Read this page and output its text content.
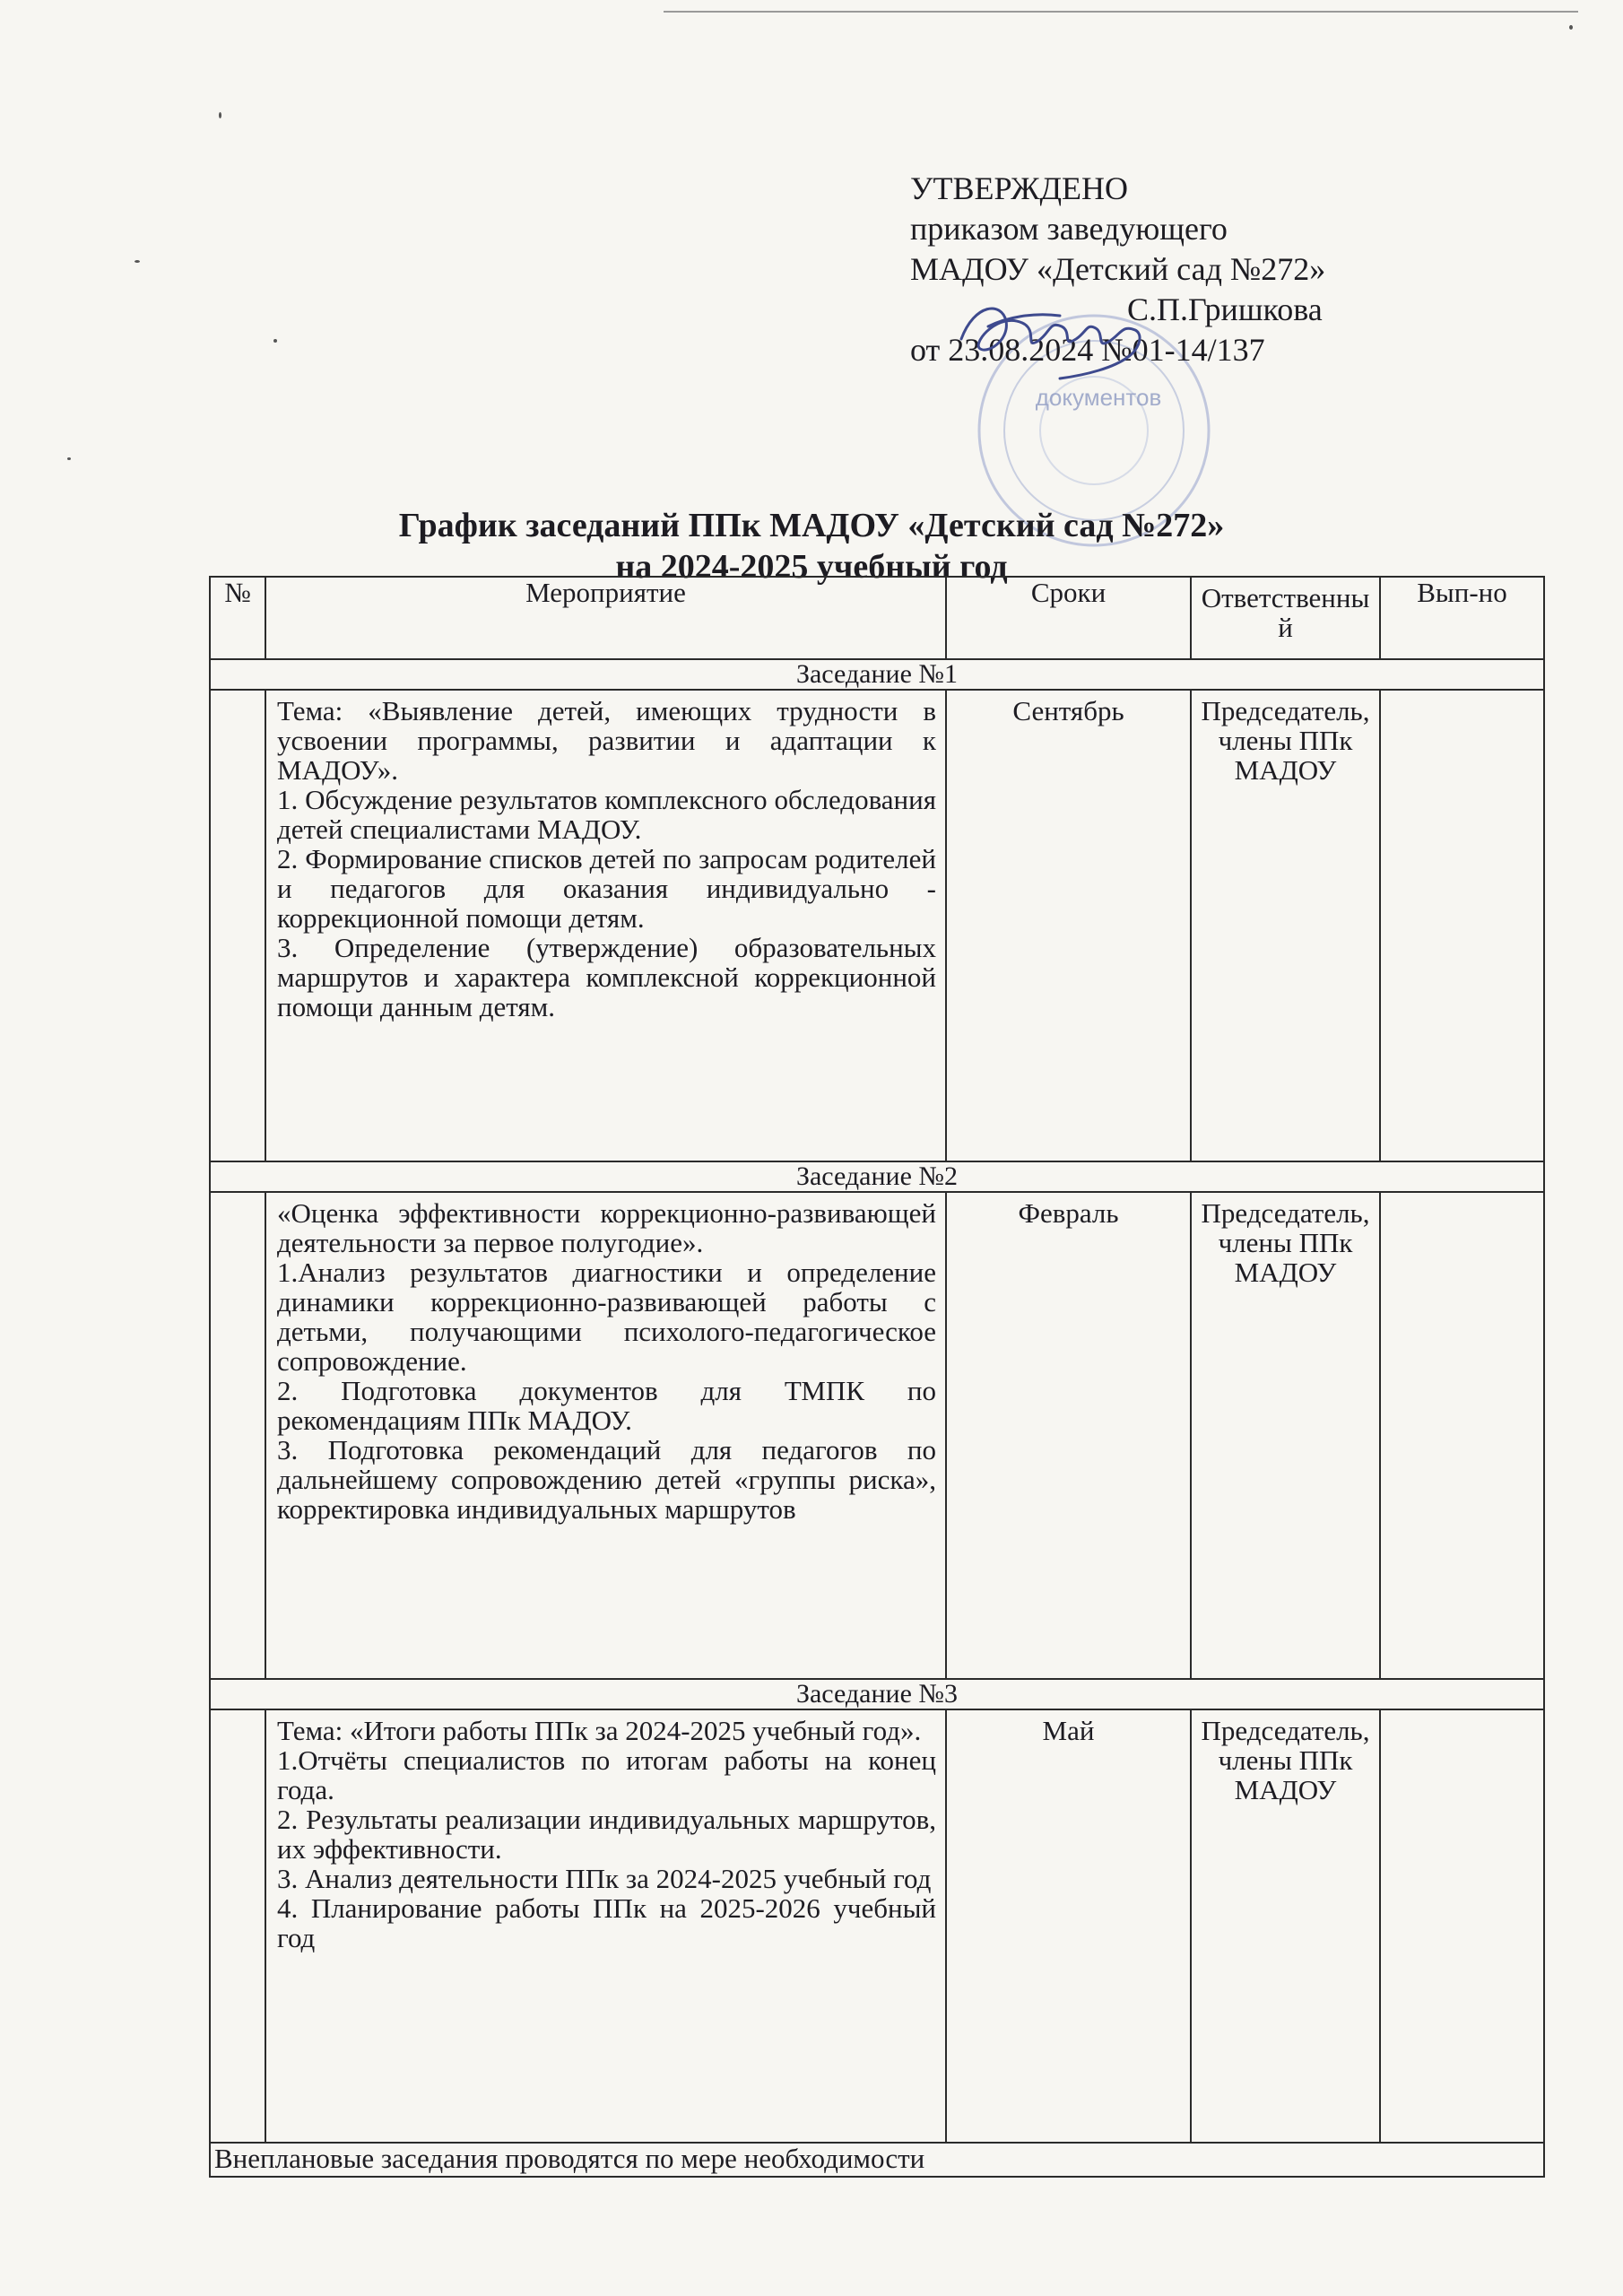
документов
УТВЕРЖДЕНО
приказом заведующего
МАДОУ «Детский сад №272»
С.П.Гришкова
от 23.08.2024 №01-14/137
График заседаний ППк МАДОУ «Детский сад №272»
на 2024-2025 учебный год
№	Мероприятие	Сроки	Ответственный	Вып-но
Заседание №1				

	Тема: «Выявление детей, имеющих трудности в усвоении программы, развитии и адаптации к МАДОУ».
1. Обсуждение результатов комплексного обследования детей специалистами МАДОУ.
2. Формирование списков детей по запросам родителей и педагогов для оказания индивидуально - коррекционной помощи детям.
3. Определение (утверждение) образовательных маршрутов и характера комплексной коррекционной помощи данным детям.	Сентябрь	Председатель, члены ППк МАДОУ	
Заседание №2				

	«Оценка эффективности коррекционно-развивающей деятельности за первое полугодие».
1.Анализ результатов диагностики и определение динамики коррекционно-развивающей работы с детьми, получающими психолого-педагогическое сопровождение.
2. Подготовка документов для ТМПК по рекомендациям ППк МАДОУ.
3. Подготовка рекомендаций для педагогов по дальнейшему сопровождению детей «группы риска», корректировка индивидуальных маршрутов	Февраль	Председатель, члены ППк МАДОУ	
Заседание №3				

	Тема: «Итоги работы ППк за 2024-2025 учебный год».
1.Отчёты специалистов по итогам работы на конец года.
2. Результаты реализации индивидуальных маршрутов, их эффективности.
3. Анализ деятельности ППк за 2024-2025 учебный год
4. Планирование работы ППк на 2025-2026 учебный год	Май	Председатель, члены ППк МАДОУ	
Внеплановые заседания проводятся по мере необходимости				
